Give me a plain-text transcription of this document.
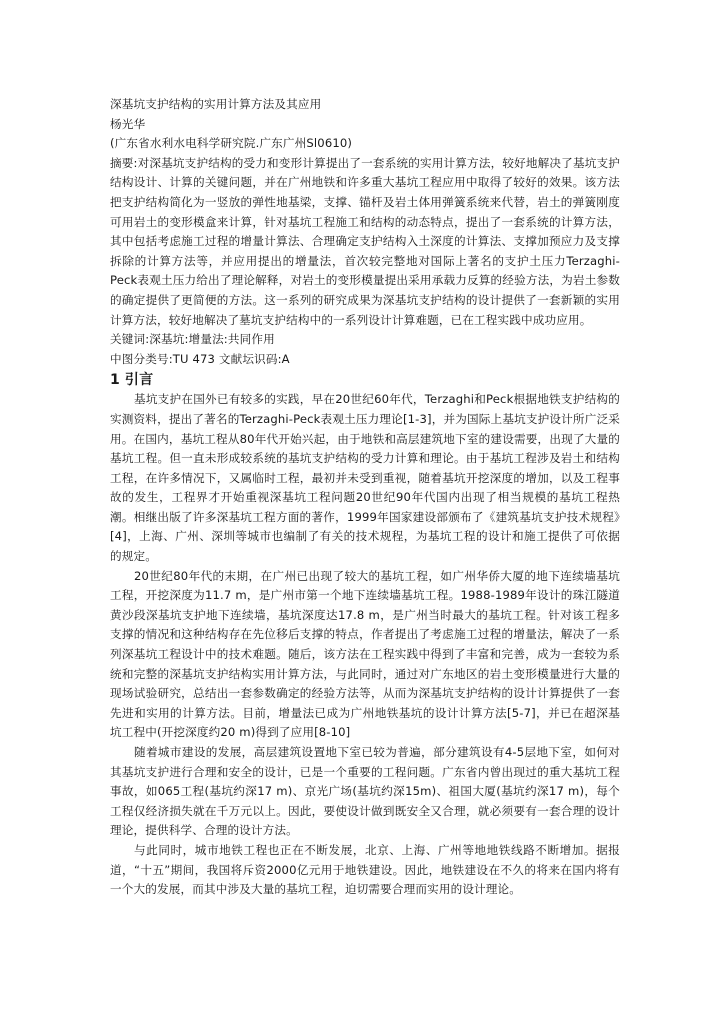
深基坑支护结构的实用计算方法及其应用
杨光华
(广东省水利水电科学研究院.广东广州Sl0610)
摘要:对深基坑支护结构的受力和变形计算提出了一套系统的实用计算方法，较好地解决了基坑支护结构设计、计算的关键问题，并在广州地铁和许多重大基坑工程应用中取得了较好的效果。该方法把支护结构简化为一竖放的弹性地基梁，支撑、锚杆及岩土体用弹簧系统来代替，岩土的弹簧刚度可用岩土的变形模盒来计算，针对基坑工程施工和结构的动态特点，提出了一套系统的计算方法，其中包括考虑施工过程的增量计算法、合理确定支护结构入土深度的计算法、支撑加预应力及支撑拆除的计算方法等，并应用提出的增量法，首次较完整地对国际上著名的支护土压力Terzaghi-Peck表观土压力给出了理论解释，对岩土的变形模量提出采用承载力反算的经验方法，为岩土参数的确定提供了更简便的方法。这一系列的研究成果为深基坑支护结构的设计提供了一套新颖的实用计算方法，较好地解决了墓坑支护结构中的一系列设计计算难题，已在工程实践中成功应用。
关键词:深基坑:增量法:共同作用
中图分类号:TU 473 文献坛识码:A
1 引言
基坑支护在国外已有较多的实践，早在20世纪60年代，Terzaghi和Peck根据地铁支护结构的实测资料，提出了著名的Terzaghi-Peck表观土压力理论[1-3]，并为国际上基坑支护设计所广泛采用。在国内，基坑工程从80年代开始兴起，由于地铁和高层建筑地下室的建设需要，出现了大量的基坑工程。但一直未形成较系统的基坑支护结构的受力计算和理论。由于基坑工程涉及岩土和结构工程，在许多情况下，又属临时工程，最初并未受到重视，随着基坑开挖深度的增加，以及工程事故的发生，工程界才开始重视深基坑工程问题20世纪90年代国内出现了相当规模的基坑工程热潮。相继出版了许多深基坑工程方面的著作，1999年国家建设部颁布了《建筑基坑支护技术规程》[4]，上海、广州、深圳等城市也编制了有关的技术规程，为基坑工程的设计和施工提供了可依据的规定。
20世纪80年代的末期，在广州已出现了较大的基坑工程，如广州华侨大厦的地下连续墙基坑工程，开挖深度为11.7 m，是广州市第一个地下连续墙基坑工程。1988-1989年设计的珠江隧道黄沙段深基坑支护地下连续墙，基坑深度达17.8 m，是广州当时最大的基坑工程。针对该工程多支撑的情况和这种结构存在先位移后支撑的特点，作者提出了考虑施工过程的增量法，解决了一系列深基坑工程设计中的技术难题。随后，该方法在工程实践中得到了丰富和完善，成为一套较为系统和完整的深基坑支护结构实用计算方法，与此同时，通过对广东地区的岩土变形模量进行大量的现场试验研究，总结出一套参数确定的经验方法等，从而为深基坑支护结构的设计计算提供了一套先进和实用的计算方法。目前，增量法已成为广州地铁基坑的设计计算方法[5-7]，并已在超深基坑工程中(开挖深度约20 m)得到了应用[8-10]
随着城市建设的发展，高层建筑设置地下室已较为普遍，部分建筑设有4-5层地下室，如何对其基坑支护进行合理和安全的设计，已是一个重要的工程问题。广东省内曾出现过的重大基坑工程事故，如065工程(基坑约深17 m)、京光广场(基坑约深15m)、祖国大厦(基坑约深17 m)，每个工程仅经济损失就在千万元以上。因此，要使设计做到既安全又合理，就必须要有一套合理的设计理论，提供科学、合理的设计方法。
与此同时，城市地铁工程也正在不断发展，北京、上海、广州等地地铁线路不断增加。据报道，“十五”期间，我国将斥资2000亿元用于地铁建设。因此，地铁建设在不久的将来在国内将有一个大的发展，而其中涉及大量的基坑工程，迫切需要合理而实用的设计理论。
